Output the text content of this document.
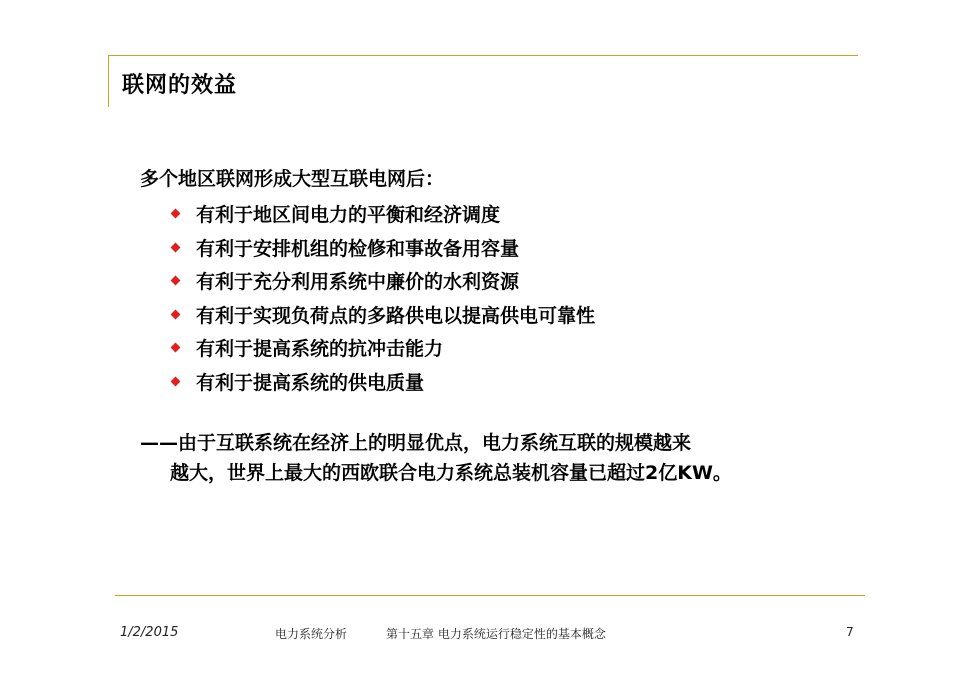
联网的效益
多个地区联网形成大型互联电网后：
有利于地区间电力的平衡和经济调度
有利于安排机组的检修和事故备用容量
有利于充分利用系统中廉价的水利资源
有利于实现负荷点的多路供电以提高供电可靠性
有利于提高系统的抗冲击能力
有利于提高系统的供电质量
——由于互联系统在经济上的明显优点，电力系统互联的规模越来
越大，世界上最大的西欧联合电力系统总装机容量已超过2亿KW。
1/2/2015	电力系统分析	第十五章 电力系统运行稳定性的基本概念	7
